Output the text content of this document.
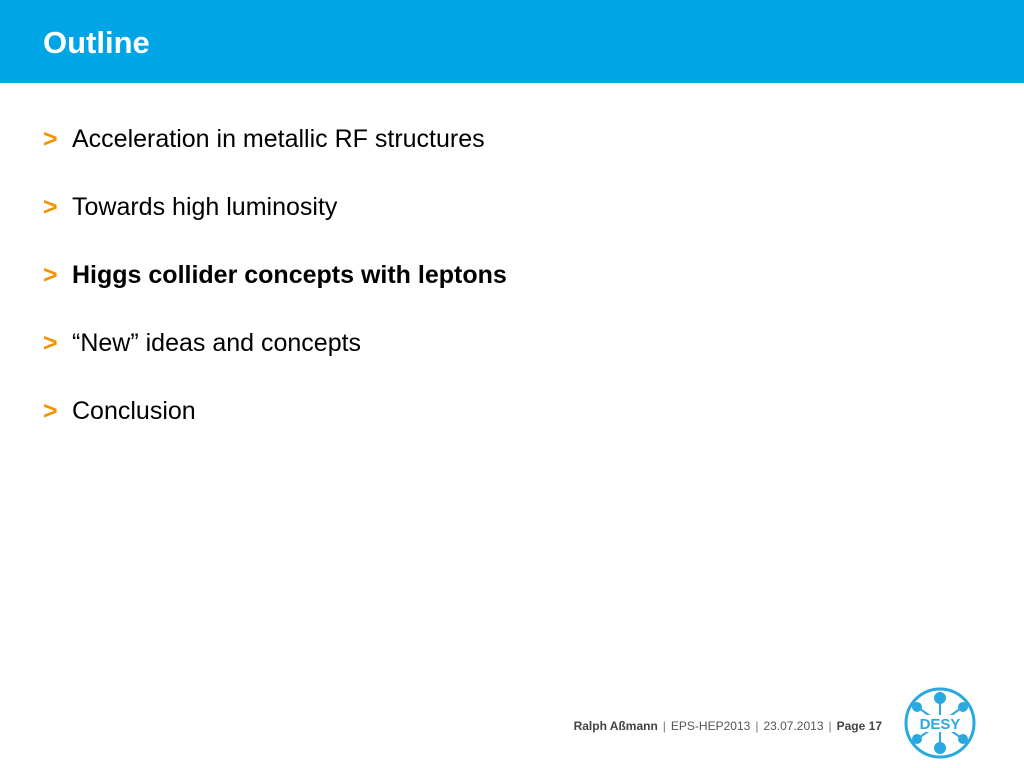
Outline
> Acceleration in metallic RF structures
> Towards high luminosity
> Higgs collider concepts with leptons
> “New” ideas and concepts
> Conclusion
Ralph Aßmann | EPS-HEP2013 | 23.07.2013 | Page 17	DESY
